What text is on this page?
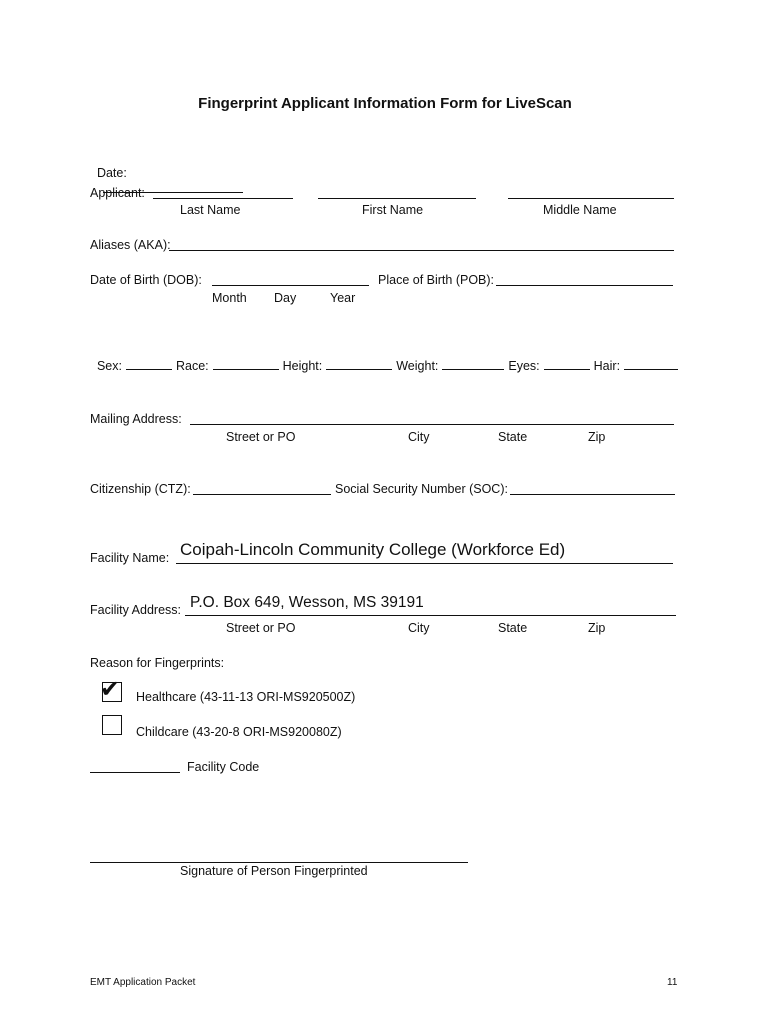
Fingerprint Applicant Information Form for LiveScan

Date:

Applicant:
Last Name	First Name	Middle Name
Aliases (AKA):
Date of Birth (DOB):	Place of Birth (POB):
Month Day	Year

Sex:	Race:	Height:	Weight:	Eyes:	Hair:

Mailing Address:
Street or PO	City	State	Zip
Citizenship (CTZ):	Social Security Number (SOC):
Facility Name: Coipah-Lincoln Community College (Workforce Ed)
Facility Address: P.O. Box 649, Wesson, MS 39191
Street or PO	City	State	Zip
Reason for Fingerprints:
✔ Healthcare (43-11-13 ORI-MS920500Z)
Childcare (43-20-8 ORI-MS920080Z)
Facility Code
Signature of Person Fingerprinted
EMT Application Packet	11
